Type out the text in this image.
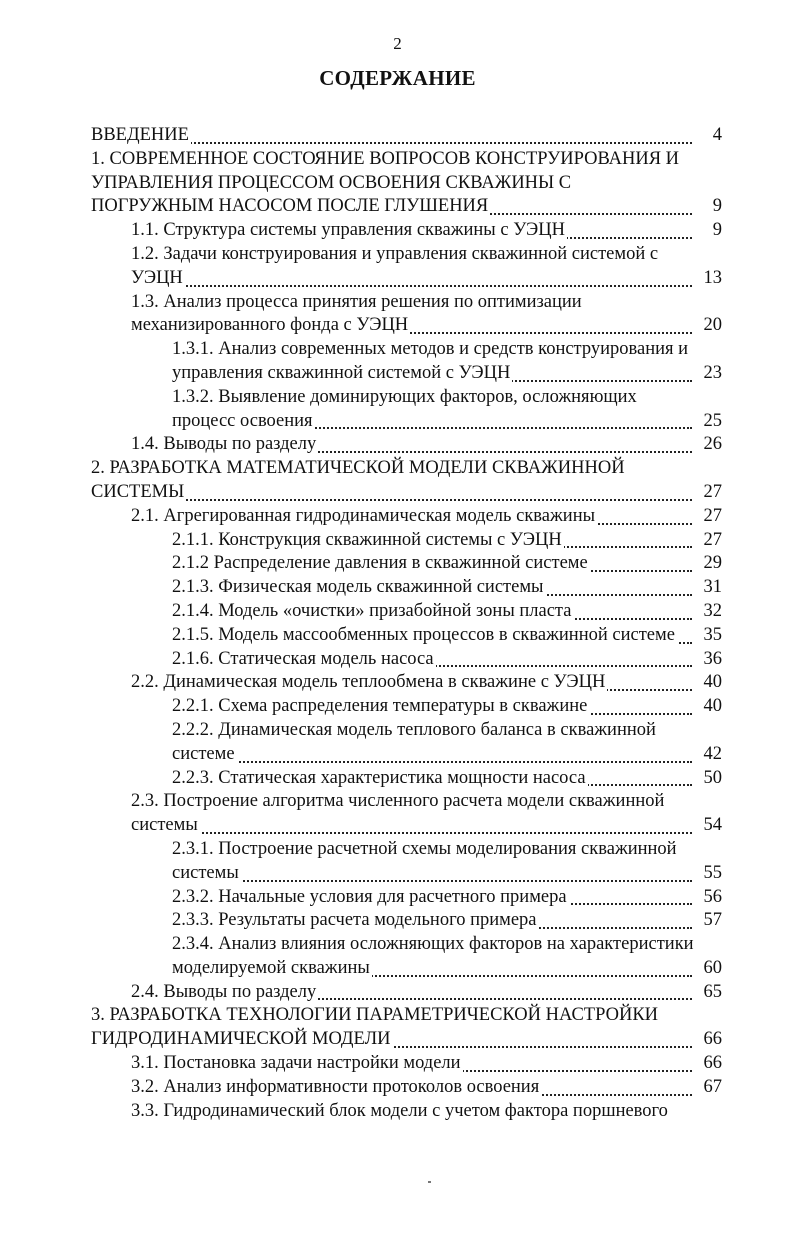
2
СОДЕРЖАНИЕ
ВВЕДЕНИЕ	4
1. СОВРЕМЕННОЕ СОСТОЯНИЕ ВОПРОСОВ КОНСТРУИРОВАНИЯ И
УПРАВЛЕНИЯ ПРОЦЕССОМ ОСВОЕНИЯ СКВАЖИНЫ С
ПОГРУЖНЫМ НАСОСОМ ПОСЛЕ ГЛУШЕНИЯ	9
1.1. Структура системы управления скважины с УЭЦН	9
1.2. Задачи конструирования и управления скважинной системой с
УЭЦН	13
1.3. Анализ процесса принятия решения по оптимизации
механизированного фонда с УЭЦН	20
1.3.1. Анализ современных методов и средств конструирования и
управления скважинной системой с УЭЦН	23
1.3.2. Выявление доминирующих факторов, осложняющих
процесс освоения	25
1.4. Выводы по разделу	26
2. РАЗРАБОТКА МАТЕМАТИЧЕСКОЙ МОДЕЛИ СКВАЖИННОЙ
СИСТЕМЫ	27
2.1. Агрегированная гидродинамическая модель скважины	27
2.1.1. Конструкция скважинной системы с УЭЦН	27
2.1.2 Распределение давления в скважинной системе	29
2.1.3. Физическая модель скважинной системы	31
2.1.4. Модель «очистки» призабойной зоны пласта	32
2.1.5. Модель массообменных процессов в скважинной системе 35
2.1.6. Статическая модель насоса	36
2.2. Динамическая модель теплообмена в скважине с УЭЦН	40
2.2.1. Схема распределения температуры в скважине	40
2.2.2. Динамическая модель теплового баланса в скважинной
системе	42
2.2.3. Статическая характеристика мощности насоса	50
2.3. Построение алгоритма численного расчета модели скважинной
системы	54
2.3.1. Построение расчетной схемы моделирования скважинной
системы	55
2.3.2. Начальные условия для расчетного примера	56
2.3.3. Результаты расчета модельного примера	57
2.3.4. Анализ влияния осложняющих факторов на характеристики
моделируемой скважины	60
2.4. Выводы по разделу	65
3. РАЗРАБОТКА ТЕХНОЛОГИИ ПАРАМЕТРИЧЕСКОЙ НАСТРОЙКИ
ГИДРОДИНАМИЧЕСКОЙ МОДЕЛИ	66
3.1. Постановка задачи настройки модели	66
3.2. Анализ информативности протоколов освоения	67
3.3. Гидродинамический блок модели с учетом фактора поршневого
